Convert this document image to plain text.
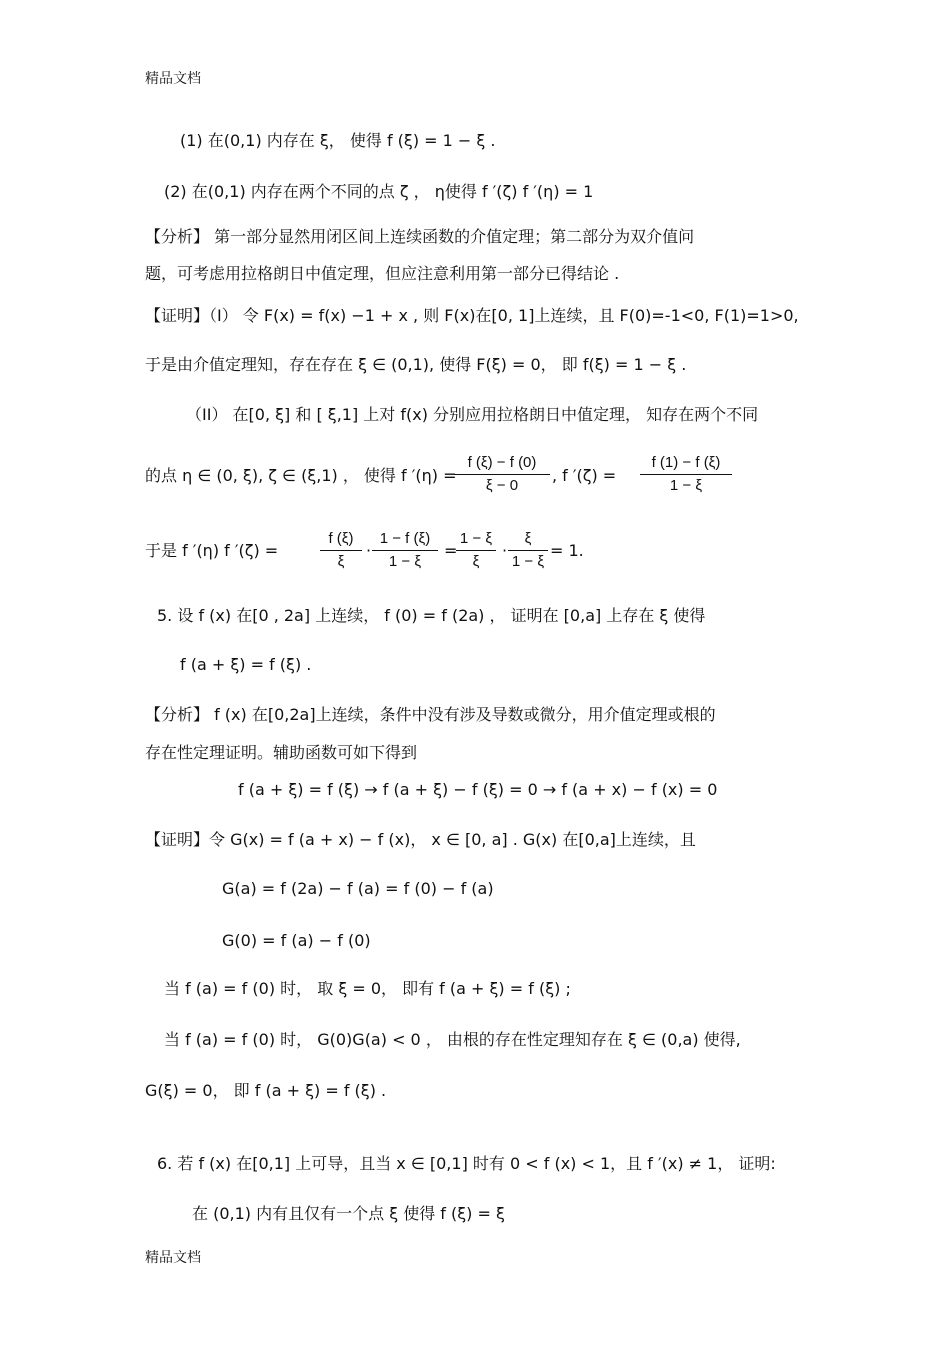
精品文档
(1) 在(0,1) 内存在 ξ， 使得 f (ξ) = 1 − ξ .
(2) 在(0,1) 内存在两个不同的点 ζ ， η使得 f ′(ζ) f ′(η) = 1
【分析】 第一部分显然用闭区间上连续函数的介值定理；第二部分为双介值问
题，可考虑用拉格朗日中值定理，但应注意利用第一部分已得结论 .
【证明】（I） 令 F(x) = f(x) −1 + x , 则 F(x)在[0, 1]上连续，且 F(0)=-1<0, F(1)=1>0,
于是由介值定理知，存在存在 ξ ∈ (0,1), 使得 F(ξ) = 0， 即 f(ξ) = 1 − ξ .
（II） 在[0, ξ] 和 [ ξ,1] 上对 f(x) 分别应用拉格朗日中值定理， 知存在两个不同
的点 η ∈ (0, ξ), ζ ∈ (ξ,1) ， 使得 f ′(η) =
f (ξ) − f (0)
ξ − 0
, f ′(ζ) =
f (1) − f (ξ)
1 − ξ
于是 f ′(η) f ′(ζ) =
f (ξ)
ξ
·
1 − f (ξ)
1 − ξ
=
1 − ξ
ξ
·
ξ
1 − ξ
= 1.
5. 设 f (x) 在[0 , 2a] 上连续， f (0) = f (2a) ， 证明在 [0,a] 上存在 ξ 使得
f (a + ξ) = f (ξ) .
【分析】 f (x) 在[0,2a]上连续，条件中没有涉及导数或微分，用介值定理或根的
存在性定理证明。辅助函数可如下得到
f (a + ξ) = f (ξ) → f (a + ξ) − f (ξ) = 0 → f (a + x) − f (x) = 0
【证明】令 G(x) = f (a + x) − f (x)， x ∈ [0, a] . G(x) 在[0,a]上连续，且
G(a) = f (2a) − f (a) = f (0) − f (a)
G(0) = f (a) − f (0)
当 f (a) = f (0) 时， 取 ξ = 0， 即有 f (a + ξ) = f (ξ) ;
当 f (a) = f (0) 时， G(0)G(a) < 0 ， 由根的存在性定理知存在 ξ ∈ (0,a) 使得,
G(ξ) = 0， 即 f (a + ξ) = f (ξ) .
6. 若 f (x) 在[0,1] 上可导，且当 x ∈ [0,1] 时有 0 < f (x) < 1，且 f ′(x) ≠ 1， 证明:
在 (0,1) 内有且仅有一个点 ξ 使得 f (ξ) = ξ
精品文档
